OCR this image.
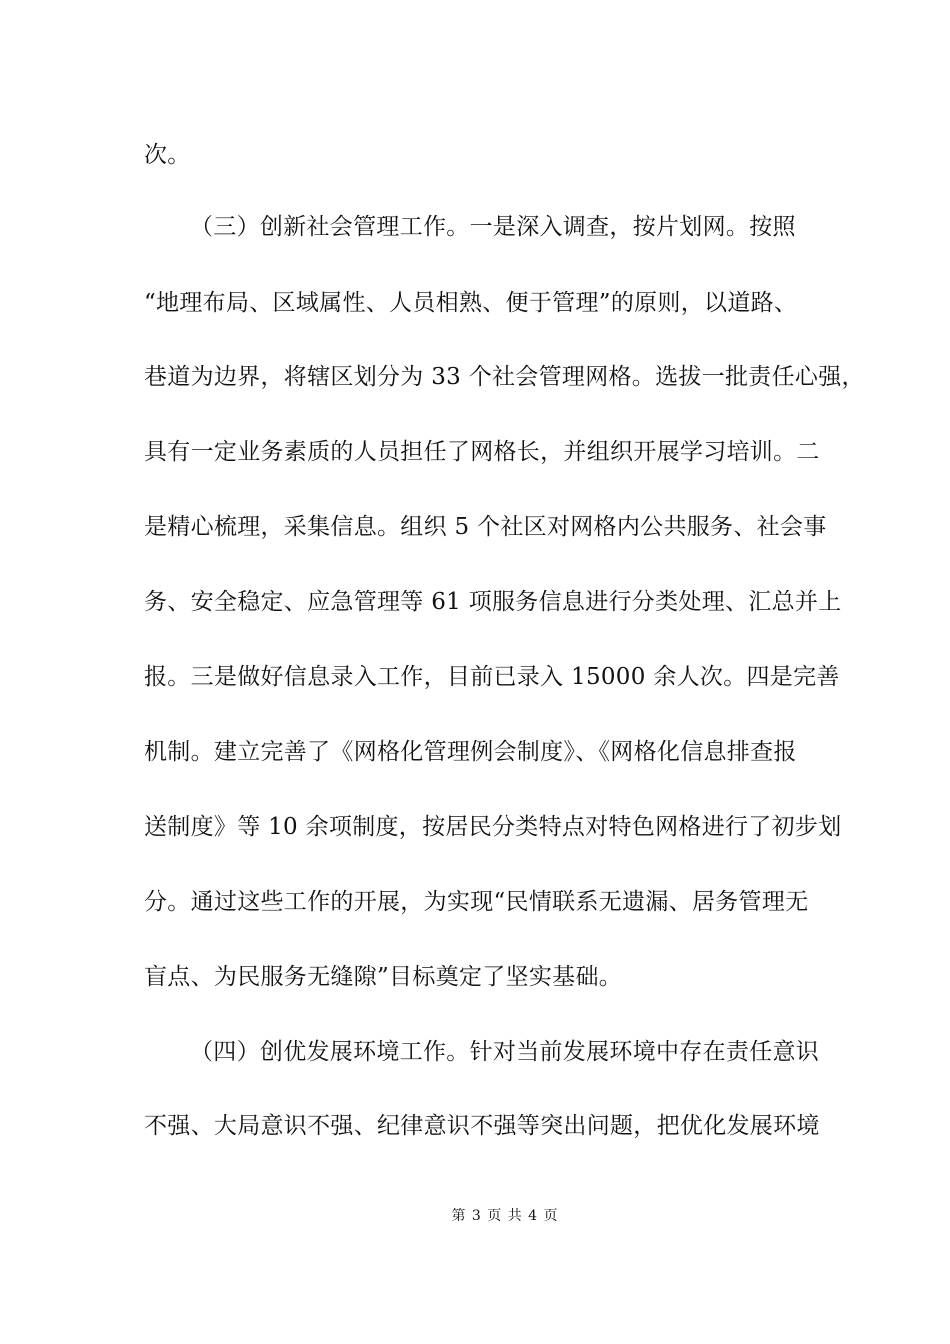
次。
（三）创新社会管理工作。一是深入调查，按片划网。按照
“地理布局、区域属性、人员相熟、便于管理”的原则，以道路、
巷道为边界，将辖区划分为 33 个社会管理网格。选拔一批责任心强，
具有一定业务素质的人员担任了网格长，并组织开展学习培训。二
是精心梳理，采集信息。组织 5 个社区对网格内公共服务、社会事
务、安全稳定、应急管理等 61 项服务信息进行分类处理、汇总并上
报。三是做好信息录入工作，目前已录入 15000 余人次。四是完善
机制。建立完善了《网格化管理例会制度》、《网格化信息排查报
送制度》等 10 余项制度，按居民分类特点对特色网格进行了初步划
分。通过这些工作的开展，为实现“民情联系无遗漏、居务管理无
盲点、为民服务无缝隙”目标奠定了坚实基础。
（四）创优发展环境工作。针对当前发展环境中存在责任意识
不强、大局意识不强、纪律意识不强等突出问题，把优化发展环境
第 3 页 共 4 页
